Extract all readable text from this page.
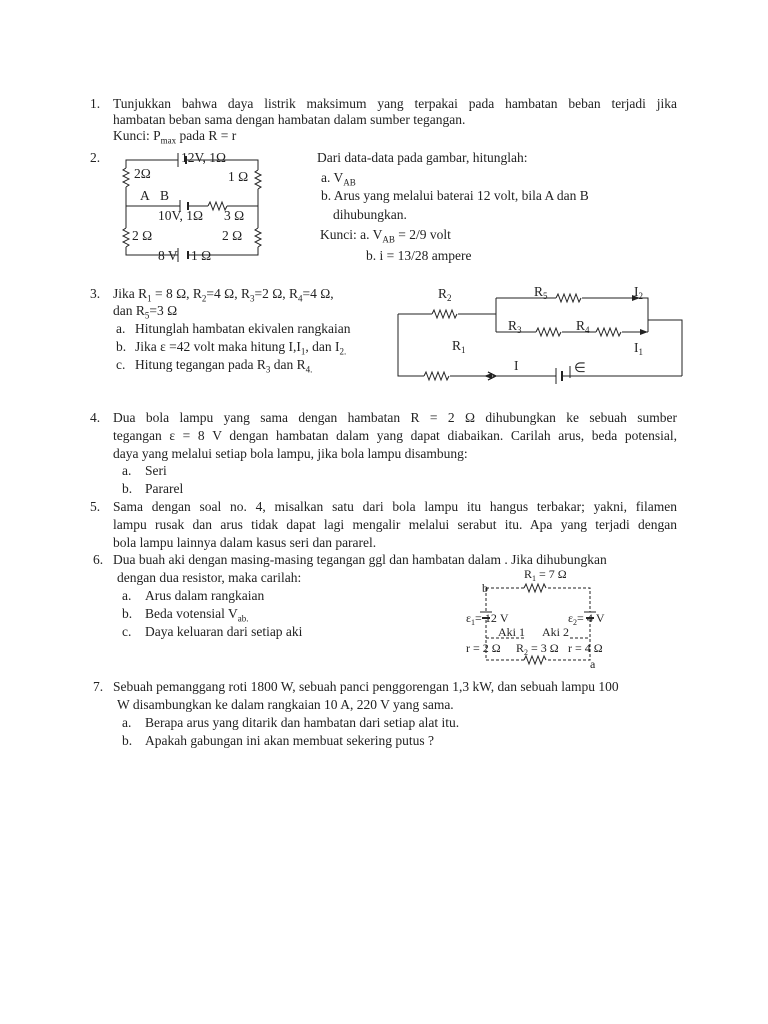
1. Tunjukkan bahwa daya listrik maksimum yang terpakai pada hambatan beban terjadi jika
hambatan beban sama dengan hambatan dalam sumber tegangan.
Kunci: $P_{max}$ pada R = r
2.	Dari data-data pada gambar, hitunglah:
a. $V_{AB}$
b. Arus yang melalui baterai 12 volt, bila A dan B
dihubungkan.
Kunci: a. $V_{AB} = 2/9$ volt
b. i = 13/28 ampere
12V, 1Ω
2Ω	1 Ω
A B
10V, 1Ω 3 Ω
2 Ω	2 Ω
8 V 1 Ω
3. Jika $R_1 = 8$ Ω, $R_2=4$ Ω, $R_3=2$ Ω, $R_4=4$ Ω,
dan $R_5=3$ Ω
a. Hitunglah hambatan ekivalen rangkaian
b. Jika ε =42 volt maka hitung $I,I_1$, dan $I_{2.}$
c. Hitung tegangan pada $R_3$ dan $R_{4.}$
$R_2$	$R_5$	$I_2$
$R_3$	$R_4$
$R_1$	$I_1$
I	∈
4. Dua bola lampu yang sama dengan hambatan R = 2 Ω dihubungkan ke sebuah sumber
tegangan ε = 8 V dengan hambatan dalam yang dapat diabaikan. Carilah arus, beda potensial,
daya yang melalui setiap bola lampu, jika bola lampu disambung:
a. Seri
b. Pararel
5. Sama dengan soal no. 4, misalkan satu dari bola lampu itu hangus terbakar; yakni, filamen
lampu rusak dan arus tidak dapat lagi mengalir melalui serabut itu. Apa yang terjadi dengan
bola lampu lainnya dalam kasus seri dan pararel.
6. Dua buah aki dengan masing-masing tegangan ggl dan hambatan dalam . Jika dihubungkan
dengan dua resistor, maka carilah:
a. Arus dalam rangkaian
b. Beda votensial $V_{ab.}$
c. Daya keluaran dari setiap aki
$R_1 = 7$ Ω
b
$\varepsilon_1= 12$ V	$\varepsilon_2= 4$ V
Aki 1 Aki 2
r = 2 Ω $R_2 = 3$ Ω r = 4 Ω
a
7. Sebuah pemanggang roti 1800 W, sebuah panci penggorengan 1,3 kW, dan sebuah lampu 100
W disambungkan ke dalam rangkaian 10 A, 220 V yang sama.
a. Berapa arus yang ditarik dan hambatan dari setiap alat itu.
b. Apakah gabungan ini akan membuat sekering putus ?
